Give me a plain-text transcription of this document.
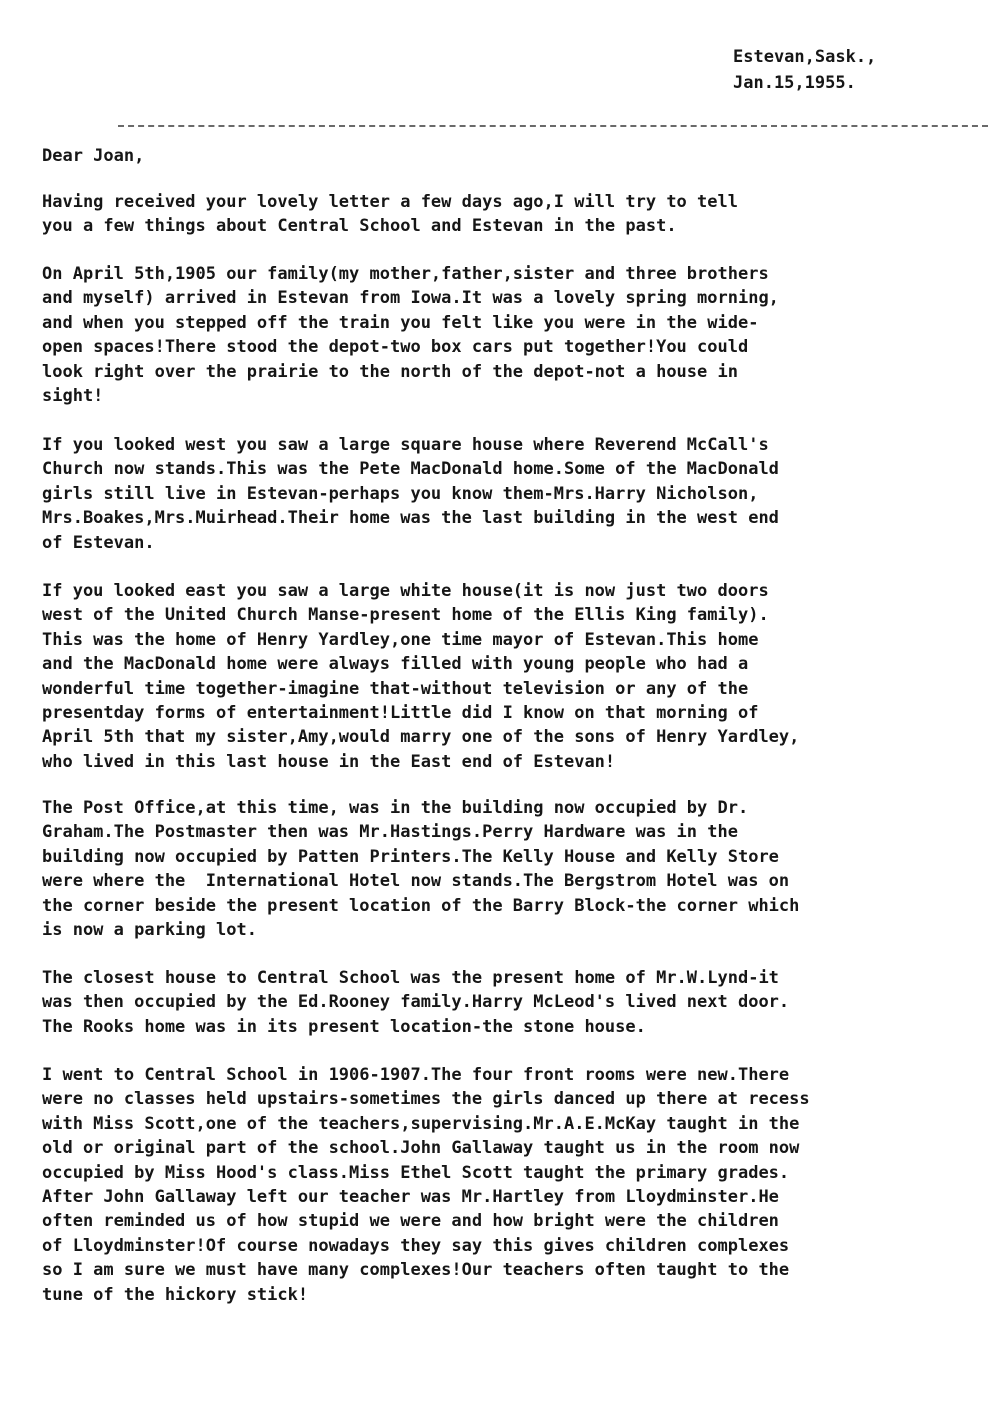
Estevan,Sask.,
Jan.15,1955.
Dear Joan,

Having received your lovely letter a few days ago,I will try to tell
you a few things about Central School and Estevan in the past.

On April 5th,1905 our family(my mother,father,sister and three brothers
and myself) arrived in Estevan from Iowa.It was a lovely spring morning,
and when you stepped off the train you felt like you were in the wide-
open spaces!There stood the depot-two box cars put together!You could
look right over the prairie to the north of the depot-not a house in
sight!

If you looked west you saw a large square house where Reverend McCall's
Church now stands.This was the Pete MacDonald home.Some of the MacDonald
girls still live in Estevan-perhaps you know them-Mrs.Harry Nicholson,
Mrs.Boakes,Mrs.Muirhead.Their home was the last building in the west end
of Estevan.

If you looked east you saw a large white house(it is now just two doors
west of the United Church Manse-present home of the Ellis King family).
This was the home of Henry Yardley,one time mayor of Estevan.This home
and the MacDonald home were always filled with young people who had a
wonderful time together-imagine that-without television or any of the
presentday forms of entertainment!Little did I know on that morning of
April 5th that my sister,Amy,would marry one of the sons of Henry Yardley,
who lived in this last house in the East end of Estevan!

The Post Office,at this time, was in the building now occupied by Dr.
Graham.The Postmaster then was Mr.Hastings.Perry Hardware was in the
building now occupied by Patten Printers.The Kelly House and Kelly Store
were where the  International Hotel now stands.The Bergstrom Hotel was on
the corner beside the present location of the Barry Block-the corner which
is now a parking lot.

The closest house to Central School was the present home of Mr.W.Lynd-it
was then occupied by the Ed.Rooney family.Harry McLeod's lived next door.
The Rooks home was in its present location-the stone house.

I went to Central School in 1906-1907.The four front rooms were new.There
were no classes held upstairs-sometimes the girls danced up there at recess
with Miss Scott,one of the teachers,supervising.Mr.A.E.McKay taught in the
old or original part of the school.John Gallaway taught us in the room now
occupied by Miss Hood's class.Miss Ethel Scott taught the primary grades.
After John Gallaway left our teacher was Mr.Hartley from Lloydminster.He
often reminded us of how stupid we were and how bright were the children
of Lloydminster!Of course nowadays they say this gives children complexes
so I am sure we must have many complexes!Our teachers often taught to the
tune of the hickory stick!
